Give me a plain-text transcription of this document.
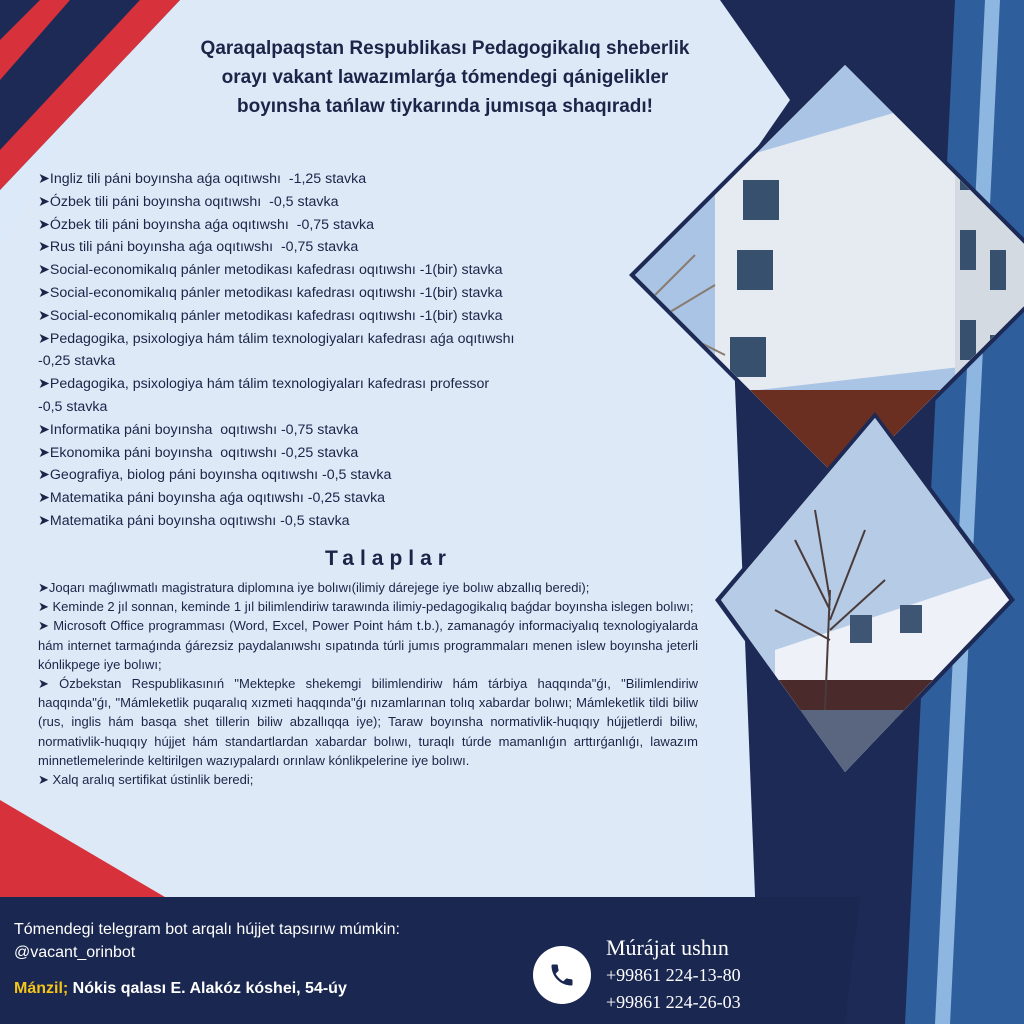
Qaraqalpaqstan Respublikası Pedagogikalıq sheberlik
orayı vakant lawazımlarǵa tómendegi qánigelikler
boyınsha tańlaw tiykarında jumısqa shaqıradı!
➤Ingliz tili páni boyınsha aǵa oqıtıwshı  -1,25 stavka
➤Ózbek tili páni boyınsha oqıtıwshı  -0,5 stavka
➤Ózbek tili páni boyınsha aǵa oqıtıwshı  -0,75 stavka
➤Rus tili páni boyınsha aǵa oqıtıwshı  -0,75 stavka
➤Social-economikalıq pánler metodikası kafedrası oqıtıwshı -1(bir) stavka
➤Social-economikalıq pánler metodikası kafedrası oqıtıwshı -1(bir) stavka
➤Social-economikalıq pánler metodikası kafedrası oqıtıwshı -1(bir) stavka
➤Pedagogika, psixologiya hám tálim texnologiyaları kafedrası aǵa oqıtıwshı
-0,25 stavka
➤Pedagogika, psixologiya hám tálim texnologiyaları kafedrası professor
-0,5 stavka
➤Informatika páni boyınsha  oqıtıwshı -0,75 stavka
➤Ekonomika páni boyınsha  oqıtıwshı -0,25 stavka
➤Geografiya, biolog páni boyınsha oqıtıwshı -0,5 stavka
➤Matematika páni boyınsha aǵa oqıtıwshı -0,25 stavka
➤Matematika páni boyınsha oqıtıwshı -0,5 stavka
Talaplar
➤Joqarı maǵlıwmatlı magistratura diplomına iye bolıwı(ilimiy dárejege iye bolıw abzallıq beredi);
➤ Keminde 2 jıl sonnan, keminde 1 jıl bilimlendiriw tarawında ilimiy-pedagogikalıq baǵdar boyınsha islegen bolıwı;
➤ Microsoft Office programması (Word, Excel, Power Point hám t.b.), zamanagóy informaciyalıq texnologiyalarda hám internet tarmaǵında ǵárezsiz paydalanıwshı sıpatında túrli jumıs programmaları menen islew boyınsha jeterli kónlikpege iye bolıwı;
➤ Ózbekstan Respublikasınıń "Mektepke shekemgi bilimlendiriw hám tárbiya haqqında"ǵı, "Bilimlendiriw haqqında"ǵı, "Mámleketlik puqaralıq xızmeti haqqında"ǵı nızamlarınan tolıq xabardar bolıwı; Mámleketlik tildi biliw (rus, inglis hám basqa shet tillerin biliw abzallıqqa iye); Taraw boyınsha normativlik-huqıqıy hújjetlerdi biliw, normativlik-huqıqıy hújjet hám standartlardan xabardar bolıwı, turaqlı túrde mamanlıǵın arttırǵanlıǵı, lawazım minnetlemelerinde keltirilgen wazıypalardı orınlaw kónlikpelerine iye bolıwı.
➤ Xalq aralıq sertifikat ústinlik beredi;
Tómendegi telegram bot arqalı hújjet tapsırıw múmkin:
@vacant_orinbot
Mánzil; Nókis qalası E. Alakóz kóshei, 54-úy
Múrájat ushın
+99861 224-13-80
+99861 224-26-03
